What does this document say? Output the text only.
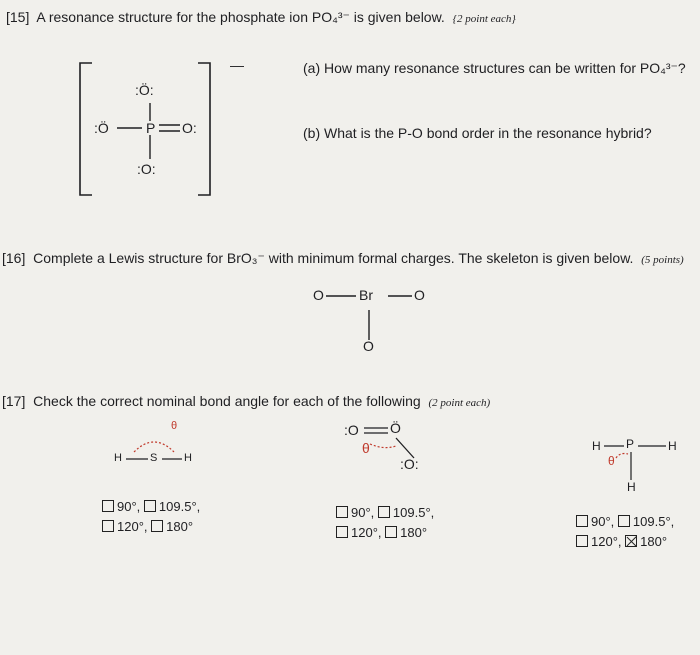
[15] A resonance structure for the phosphate ion PO₄³⁻ is given below. {2 point each}
—
:Ö:
:Ö	P O:
:O:
(a) How many resonance structures can be written for PO₄³⁻?
(b) What is the P-O bond order in the resonance hybrid?
[16] Complete a Lewis structure for BrO₃⁻ with minimum formal charges. The skeleton is given below. (5 points)
O	Br	O
O
[17] Check the correct nominal bond angle for each of the following (2 point each)
H	S H
θ	:O Ö
:O:
θ	H P	H
H
θ
90°, 109.5°,
120°, 180°
90°, 109.5°,
120°, 180°
90°, 109.5°,
120°, 180°
